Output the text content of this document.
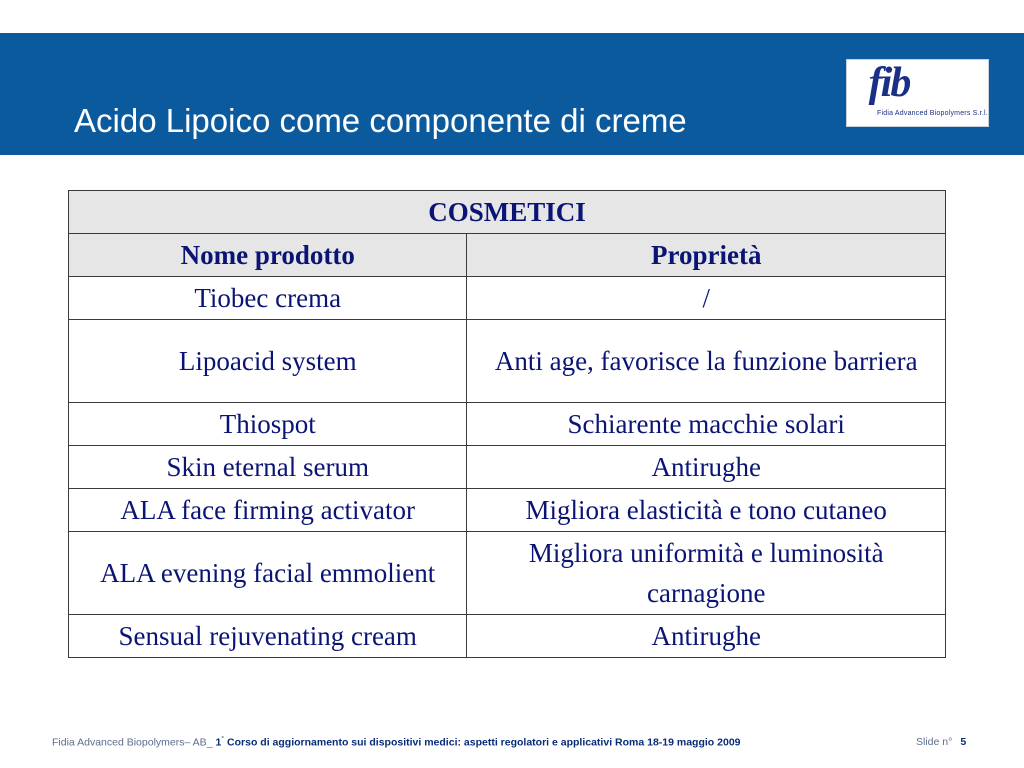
Acido Lipoico come componente di creme
fib
Fidia Advanced Biopolymers S.r.l.
COSMETICI	
Nome prodotto	Proprietà
Tiobec crema	/
Lipoacid system	Anti age, favorisce la funzione barriera
Thiospot	Schiarente macchie solari
Skin eternal serum	Antirughe
ALA face firming activator	Migliora elasticità e tono cutaneo
ALA evening facial emmolient	Migliora uniformità e luminosità carnagione
Sensual rejuvenating cream	Antirughe
Fidia Advanced Biopolymers– AB_ 1° Corso di aggiornamento sui dispositivi medici: aspetti regolatori e applicativi Roma 18-19 maggio 2009	Slide n° 5
